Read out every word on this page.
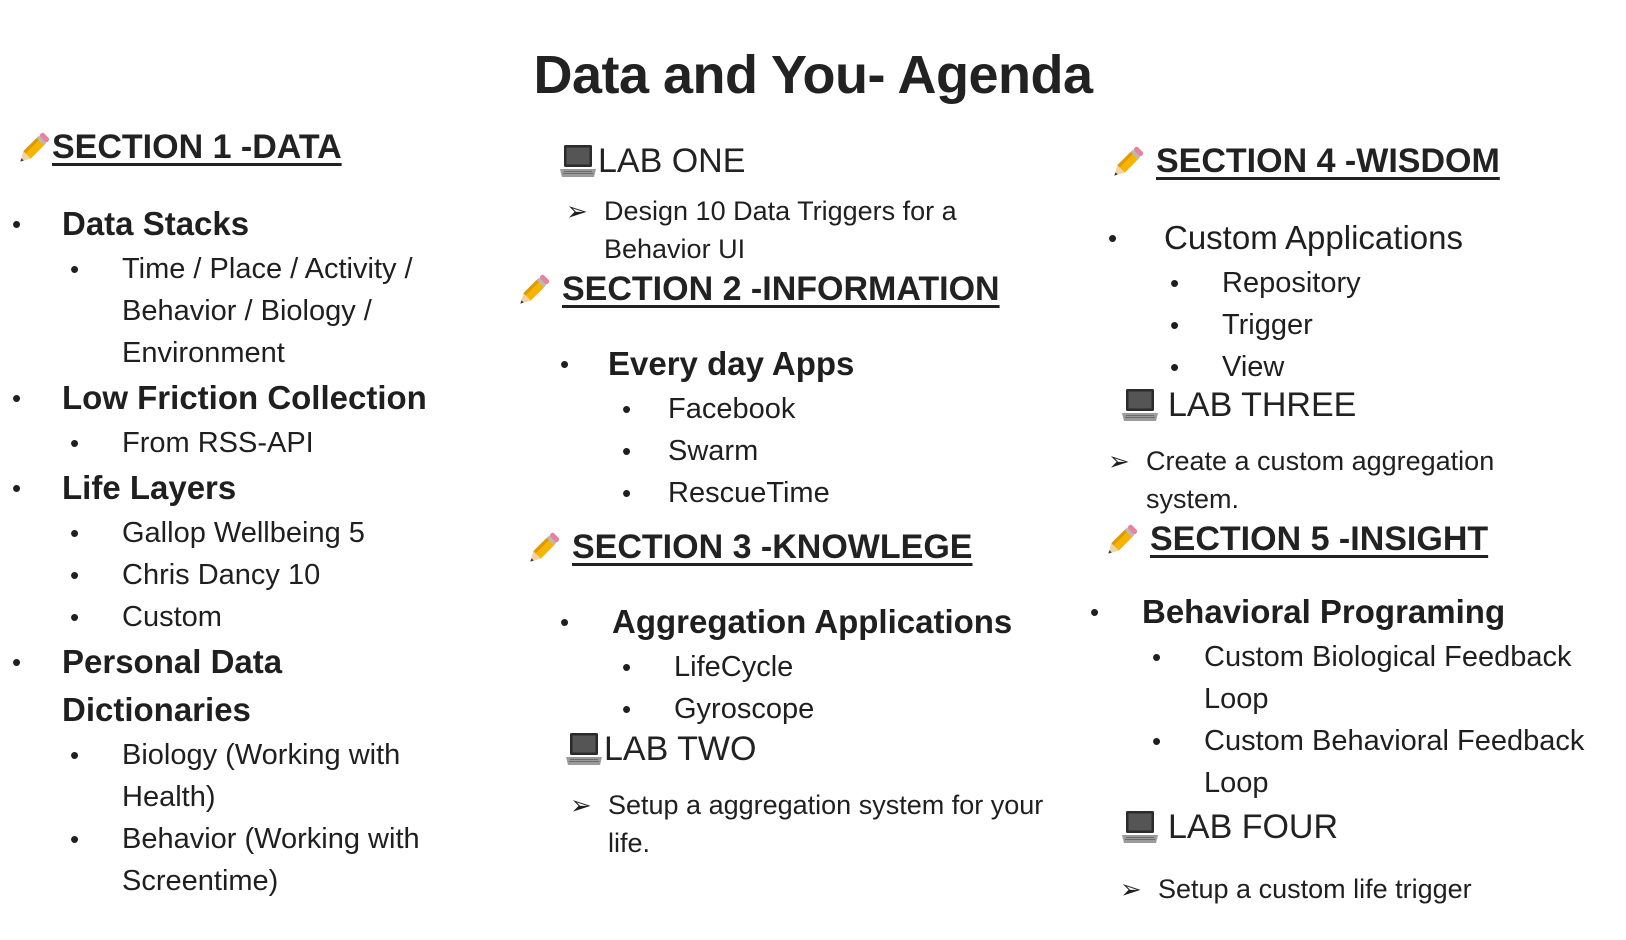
Data and You- Agenda
SECTION 1 -DATA
•	Data Stacks
•	Time / Place / Activity /
Behavior / Biology /
Environment
•	Low Friction Collection
•	From RSS-API
•	Life Layers
•	Gallop Wellbeing 5
•	Chris Dancy 10
•	Custom
•	Personal Data
Dictionaries
•	Biology (Working with
Health)
•	Behavior (Working with
Screentime)
LAB ONE
➢ Design 10 Data Triggers for a
Behavior UI
SECTION 2 -INFORMATION
•	Every day Apps
•	Facebook
•	Swarm
•	RescueTime
SECTION 3 -KNOWLEGE
•	Aggregation Applications
•	LifeCycle
•	Gyroscope
LAB TWO
➢ Setup a aggregation system for your
life.
SECTION 4 -WISDOM
•	Custom Applications
•	Repository
•	Trigger
•	View
LAB THREE
➢ Create a custom aggregation
system.
SECTION 5 -INSIGHT
•	Behavioral Programing
•	Custom Biological Feedback
Loop
•	Custom Behavioral Feedback
Loop
LAB FOUR
➢ Setup a custom life trigger
